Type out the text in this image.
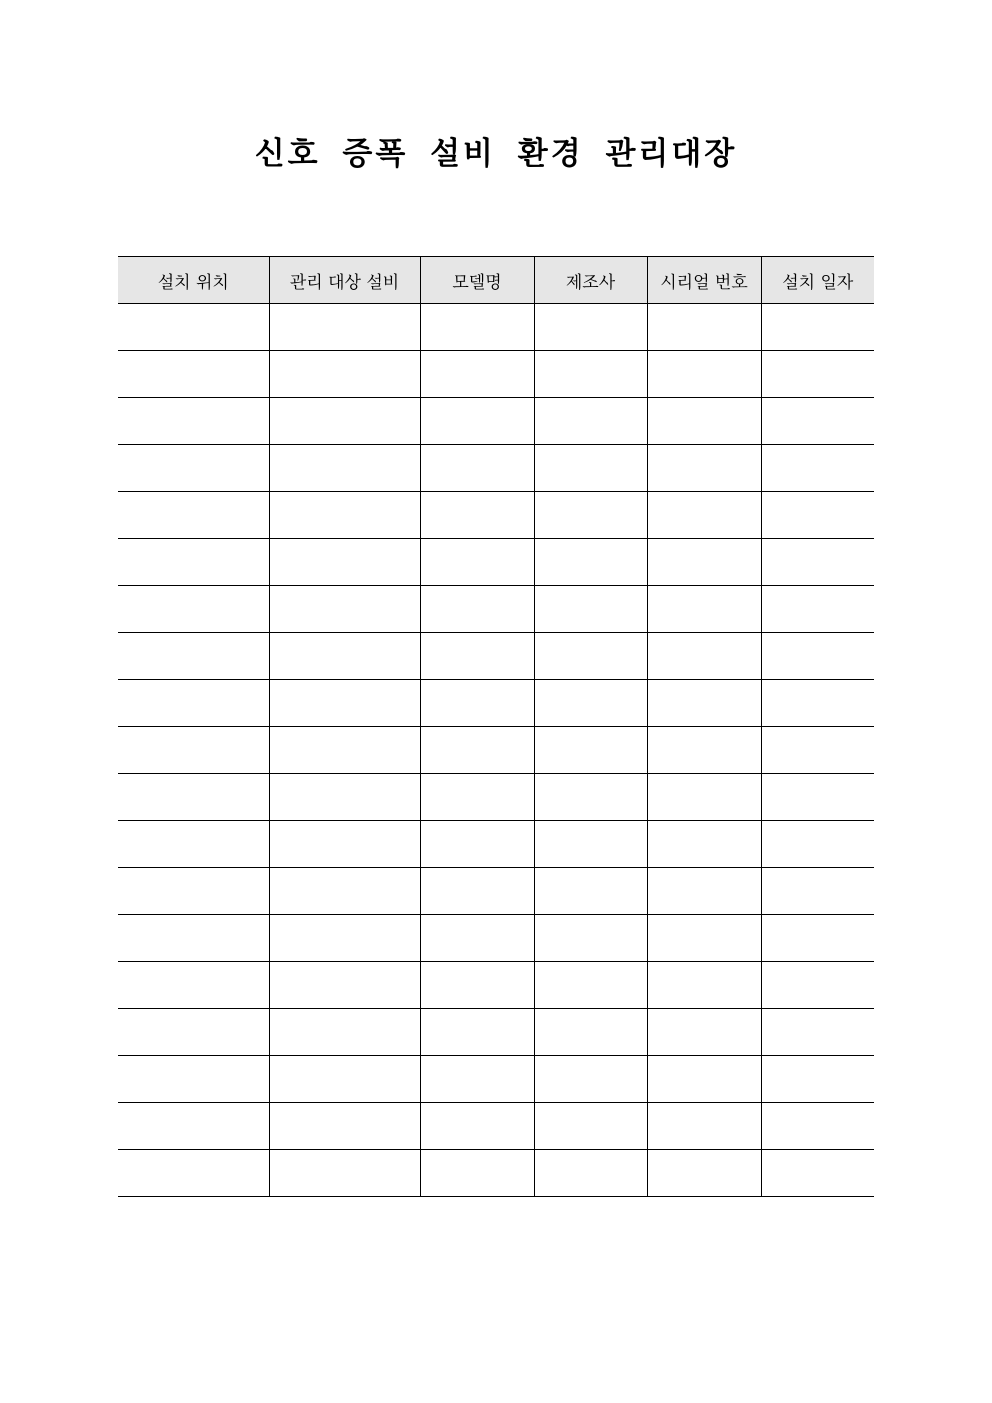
신호 증폭 설비 환경 관리대장
설치 위치	관리 대상 설비	모델명	제조사	시리얼 번호	설치 일자
